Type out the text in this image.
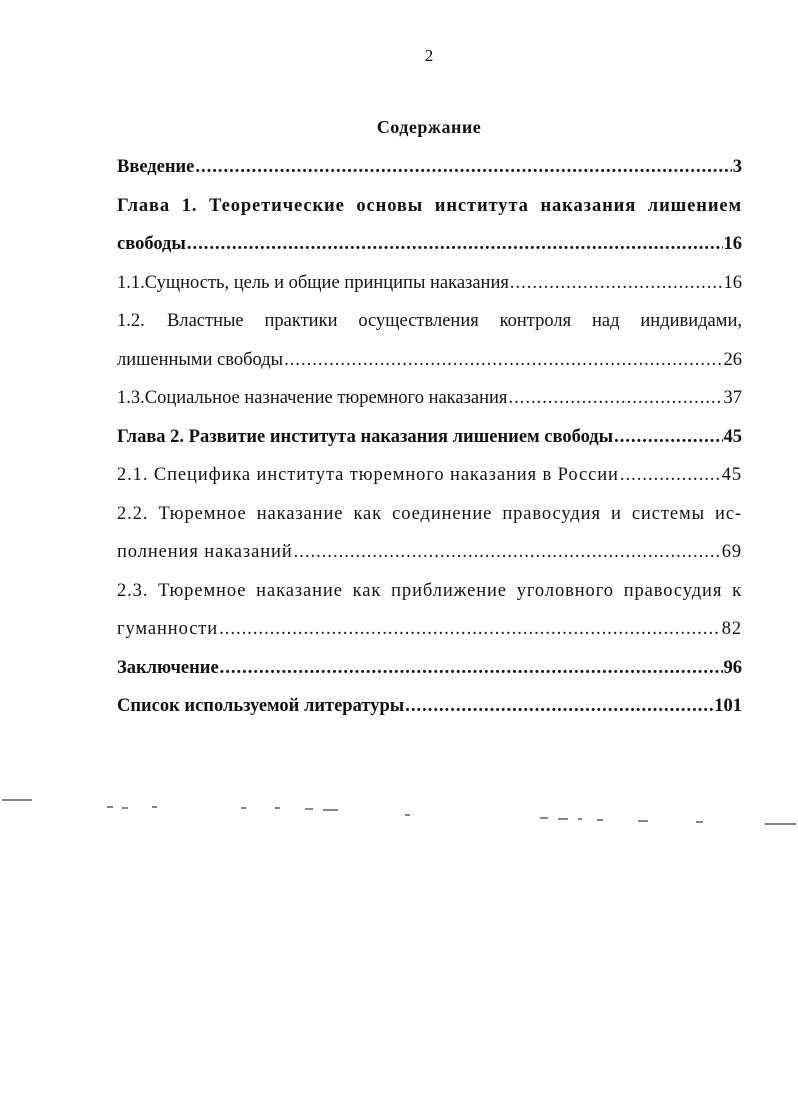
2
Содержание
Введение .....	3
Глава 1. Теоретические основы института наказания лишением
свободы .....	16
1.1. Сущность, цель и общие принципы наказания .....	16
1.2.	Властные практики осуществления контроля над индивидами,
лишенными свободы .....	26
1.3. Социальное назначение тюремного наказания .....	37
Глава 2. Развитие института наказания лишением свободы .....	45
2.1. Специфика института тюремного наказания в России .....	45
2.2. Тюремное наказание как соединение правосудия и системы ис-
полнения наказаний .....	69
2.3. Тюремное наказание как приближение уголовного правосудия к
гуманности .....	82
Заключение .....	96
Список используемой литературы .....	101
